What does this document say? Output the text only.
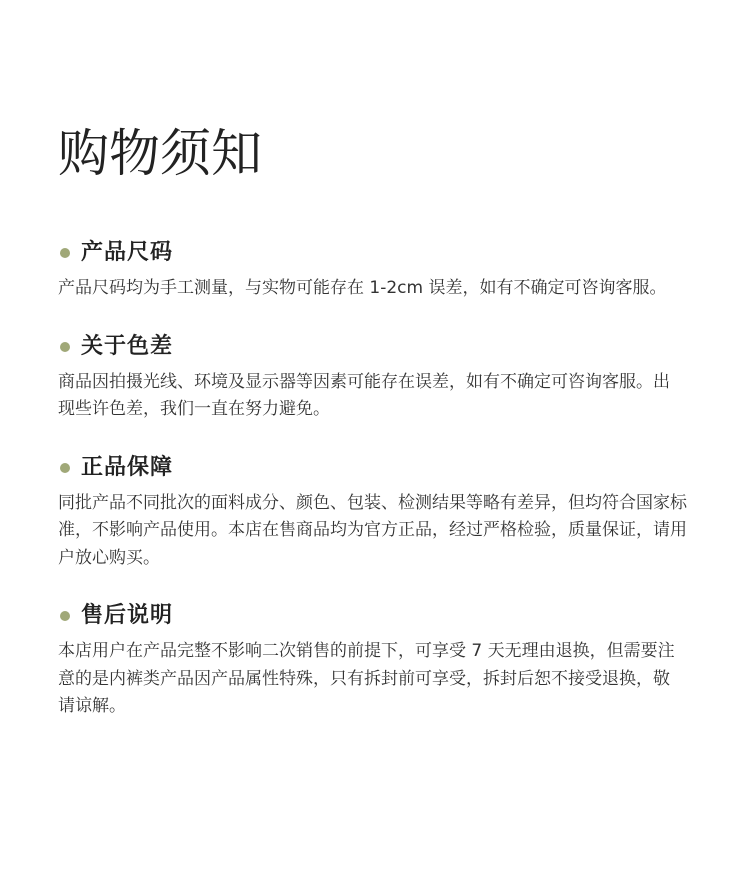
购物须知
产品尺码
产品尺码均为手工测量，与实物可能存在 1-2cm 误差，如有不确定可咨询客服。
关于色差
商品因拍摄光线、环境及显示器等因素可能存在误差，如有不确定可咨询客服。出
现些许色差，我们一直在努力避免。
正品保障
同批产品不同批次的面料成分、颜色、包装、检测结果等略有差异，但均符合国家标
准，不影响产品使用。本店在售商品均为官方正品，经过严格检验，质量保证，请用
户放心购买。
售后说明
本店用户在产品完整不影响二次销售的前提下，可享受 7 天无理由退换，但需要注
意的是内裤类产品因产品属性特殊，只有拆封前可享受，拆封后恕不接受退换，敬
请谅解。
